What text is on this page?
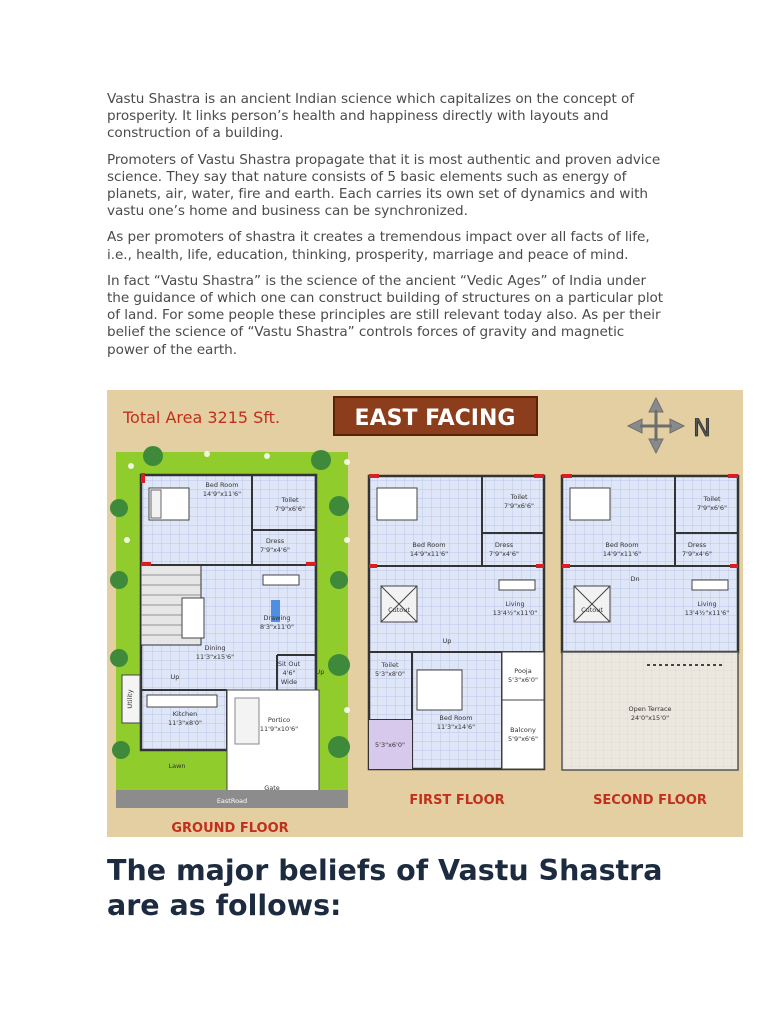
Vastu Shastra is an ancient Indian science which capitalizes on the concept of prosperity. It links person’s health and happiness directly with layouts and construction of a building.

Promoters of Vastu Shastra propagate that it is most authentic and proven advice science. They say that nature consists of 5 basic elements such as energy of planets, air, water, fire and earth. Each carries its own set of dynamics and with vastu one’s home and business can be synchronized.

As per promoters of shastra it creates a tremendous impact over all facts of life, i.e., health, life, education, thinking, prosperity, marriage and peace of mind.

In fact “Vastu Shastra” is the science of the ancient “Vedic Ages” of India under the guidance of which one can construct building of structures on a particular plot of land. For some people these principles are still relevant today also. As per their belief the science of “Vastu Shastra” controls forces of gravity and magnetic power of the earth.

Total Area 3215 Sft.	EAST FACING	N
Bed Room
14'9"x11'6"
Toilet
7'9"x6'6"
Dress
7'9"x4'6"
Drawing
8'3"x11'0"
Dining
11'3"x15'6"
Up
Sit Out
4'6"
Wide
Up
Kitchen
11'3"x8'0"	Portico
11'9"x10'6"
Lawn
Gate
EastRoad
Utility
GROUND FLOOR
Bed Room
14'9"x11'6"
Toilet
7'9"x6'6"
Dress
7'9"x4'6"
Cutout
Living
13'4½"x11'0"
Up
Toilet
5'3"x8'0"	Pooja
5'3"x6'0"
Bed Room
11'3"x14'6"	Balcony
5'9"x6'6"
5'3"x6'0"
FIRST FLOOR
Bed Room
14'9"x11'6"
Toilet
7'9"x6'6"
Dress
7'9"x4'6"
Dn
Cutout
Living
13'4½"x11'6"
Open Terrace
24'0"x15'0"
SECOND FLOOR
The major beliefs of Vastu Shastra are as follows:
